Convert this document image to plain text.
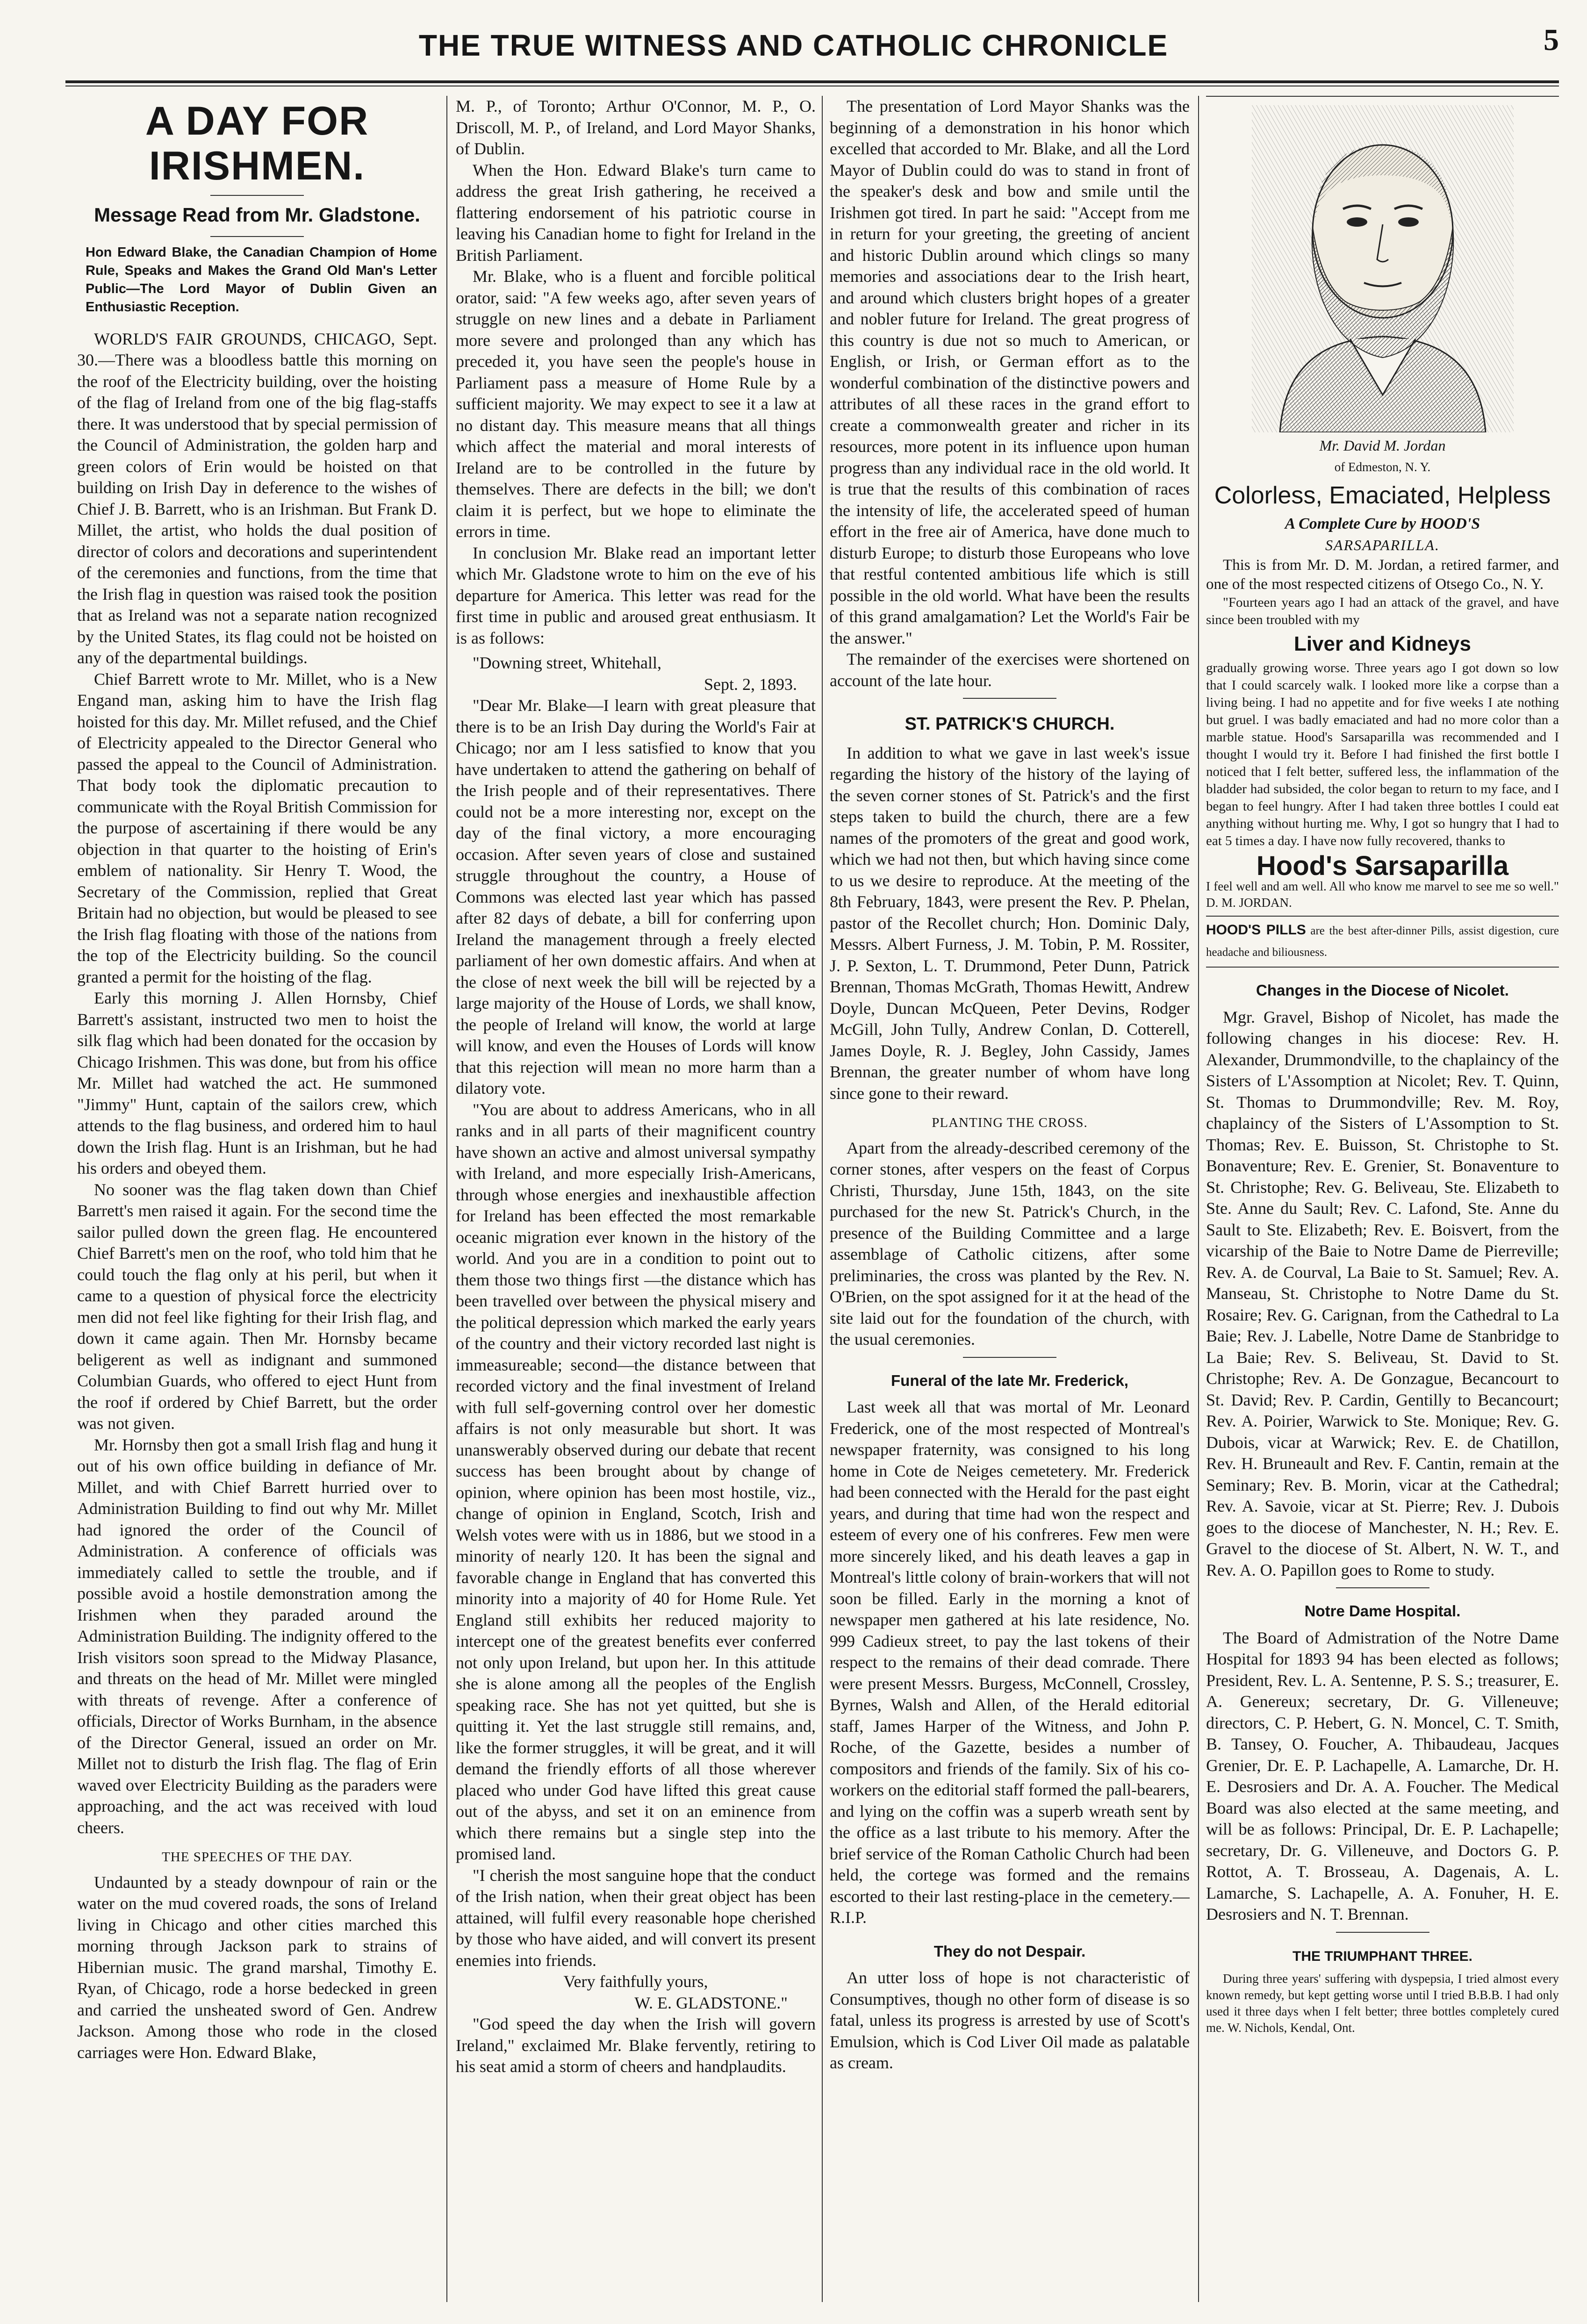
THE TRUE WITNESS AND CATHOLIC CHRONICLE	5
A DAY FOR IRISHMEN.
Message Read from Mr. Gladstone.
Hon Edward Blake, the Canadian Champion of Home Rule, Speaks and Makes the Grand Old Man's Letter Public—The Lord Mayor of Dublin Given an Enthusiastic Reception.

WORLD'S FAIR GROUNDS, CHICAGO, Sept. 30.—There was a bloodless battle this morning on the roof of the Electricity building, over the hoisting of the flag of Ireland from one of the big flag-staffs there. It was understood that by special permission of the Council of Administration, the golden harp and green colors of Erin would be hoisted on that building on Irish Day in deference to the wishes of Chief J. B. Barrett, who is an Irishman. But Frank D. Millet, the artist, who holds the dual position of director of colors and decorations and superintendent of the ceremonies and functions, from the time that the Irish flag in question was raised took the position that as Ireland was not a separate nation recognized by the United States, its flag could not be hoisted on any of the departmental buildings.

Chief Barrett wrote to Mr. Millet, who is a New Engand man, asking him to have the Irish flag hoisted for this day. Mr. Millet refused, and the Chief of Electricity appealed to the Director General who passed the appeal to the Council of Administration. That body took the diplomatic precaution to communicate with the Royal British Commission for the purpose of ascertaining if there would be any objection in that quarter to the hoisting of Erin's emblem of nationality. Sir Henry T. Wood, the Secretary of the Commission, replied that Great Britain had no objection, but would be pleased to see the Irish flag floating with those of the nations from the top of the Electricity building. So the council granted a permit for the hoisting of the flag.

Early this morning J. Allen Hornsby, Chief Barrett's assistant, instructed two men to hoist the silk flag which had been donated for the occasion by Chicago Irishmen. This was done, but from his office Mr. Millet had watched the act. He summoned "Jimmy" Hunt, captain of the sailors crew, which attends to the flag business, and ordered him to haul down the Irish flag. Hunt is an Irishman, but he had his orders and obeyed them.

No sooner was the flag taken down than Chief Barrett's men raised it again. For the second time the sailor pulled down the green flag. He encountered Chief Barrett's men on the roof, who told him that he could touch the flag only at his peril, but when it came to a question of physical force the electricity men did not feel like fighting for their Irish flag, and down it came again. Then Mr. Hornsby became beligerent as well as indignant and summoned Columbian Guards, who offered to eject Hunt from the roof if ordered by Chief Barrett, but the order was not given.

Mr. Hornsby then got a small Irish flag and hung it out of his own office building in defiance of Mr. Millet, and with Chief Barrett hurried over to Administration Building to find out why Mr. Millet had ignored the order of the Council of Administration. A conference of officials was immediately called to settle the trouble, and if possible avoid a hostile demonstration among the Irishmen when they paraded around the Administration Building. The indignity offered to the Irish visitors soon spread to the Midway Plasance, and threats on the head of Mr. Millet were mingled with threats of revenge. After a conference of officials, Director of Works Burnham, in the absence of the Director General, issued an order on Mr. Millet not to disturb the Irish flag. The flag of Erin waved over Electricity Building as the paraders were approaching, and the act was received with loud cheers.

THE SPEECHES OF THE DAY.

Undaunted by a steady downpour of rain or the water on the mud covered roads, the sons of Ireland living in Chicago and other cities marched this morning through Jackson park to strains of Hibernian music. The grand marshal, Timothy E. Ryan, of Chicago, rode a horse bedecked in green and carried the unsheated sword of Gen. Andrew Jackson. Among those who rode in the closed carriages were Hon. Edward Blake,

M. P., of Toronto; Arthur O'Connor, M. P., O. Driscoll, M. P., of Ireland, and Lord Mayor Shanks, of Dublin.

When the Hon. Edward Blake's turn came to address the great Irish gathering, he received a flattering endorsement of his patriotic course in leaving his Canadian home to fight for Ireland in the British Parliament.

Mr. Blake, who is a fluent and forcible political orator, said: "A few weeks ago, after seven years of struggle on new lines and a debate in Parliament more severe and prolonged than any which has preceded it, you have seen the people's house in Parliament pass a measure of Home Rule by a sufficient majority. We may expect to see it a law at no distant day. This measure means that all things which affect the material and moral interests of Ireland are to be controlled in the future by themselves. There are defects in the bill; we don't claim it is perfect, but we hope to eliminate the errors in time.

In conclusion Mr. Blake read an important letter which Mr. Gladstone wrote to him on the eve of his departure for America. This letter was read for the first time in public and aroused great enthusiasm. It is as follows:

"Downing street, Whitehall,

Sept. 2, 1893.

"Dear Mr. Blake—I learn with great pleasure that there is to be an Irish Day during the World's Fair at Chicago; nor am I less satisfied to know that you have undertaken to attend the gathering on behalf of the Irish people and of their representatives. There could not be a more interesting nor, except on the day of the final victory, a more encouraging occasion. After seven years of close and sustained struggle throughout the country, a House of Commons was elected last year which has passed after 82 days of debate, a bill for conferring upon Ireland the management through a freely elected parliament of her own domestic affairs. And when at the close of next week the bill will be rejected by a large majority of the House of Lords, we shall know, the people of Ireland will know, the world at large will know, and even the Houses of Lords will know that this rejection will mean no more harm than a dilatory vote.

"You are about to address Americans, who in all ranks and in all parts of their magnificent country have shown an active and almost universal sympathy with Ireland, and more especially Irish-Americans, through whose energies and inexhaustible affection for Ireland has been effected the most remarkable oceanic migration ever known in the history of the world. And you are in a condition to point out to them those two things first —the distance which has been travelled over between the physical misery and the political depression which marked the early years of the country and their victory recorded last night is immeasureable; second—the distance between that recorded victory and the final investment of Ireland with full self-governing control over her domestic affairs is not only measurable but short. It was unanswerably observed during our debate that recent success has been brought about by change of opinion, where opinion has been most hostile, viz., change of opinion in England, Scotch, Irish and Welsh votes were with us in 1886, but we stood in a minority of nearly 120. It has been the signal and favorable change in England that has converted this minority into a majority of 40 for Home Rule. Yet England still exhibits her reduced majority to intercept one of the greatest benefits ever conferred not only upon Ireland, but upon her. In this attitude she is alone among all the peoples of the English speaking race. She has not yet quitted, but she is quitting it. Yet the last struggle still remains, and, like the former struggles, it will be great, and it will demand the friendly efforts of all those wherever placed who under God have lifted this great cause out of the abyss, and set it on an eminence from which there remains but a single step into the promised land.

"I cherish the most sanguine hope that the conduct of the Irish nation, when their great object has been attained, will fulfil every reasonable hope cherished by those who have aided, and will convert its present enemies into friends.

Very faithfully yours,

W. E. GLADSTONE."

"God speed the day when the Irish will govern Ireland," exclaimed Mr. Blake fervently, retiring to his seat amid a storm of cheers and handplaudits.

The presentation of Lord Mayor Shanks was the beginning of a demonstration in his honor which excelled that accorded to Mr. Blake, and all the Lord Mayor of Dublin could do was to stand in front of the speaker's desk and bow and smile until the Irishmen got tired. In part he said: "Accept from me in return for your greeting, the greeting of ancient and historic Dublin around which clings so many memories and associations dear to the Irish heart, and around which clusters bright hopes of a greater and nobler future for Ireland. The great progress of this country is due not so much to American, or English, or Irish, or German effort as to the wonderful combination of the distinctive powers and attributes of all these races in the grand effort to create a commonwealth greater and richer in its resources, more potent in its influence upon human progress than any individual race in the old world. It is true that the results of this combination of races the intensity of life, the accelerated speed of human effort in the free air of America, have done much to disturb Europe; to disturb those Europeans who love that restful contented ambitious life which is still possible in the old world. What have been the results of this grand amalgamation? Let the World's Fair be the answer."

The remainder of the exercises were shortened on account of the late hour.

ST. PATRICK'S CHURCH.

In addition to what we gave in last week's issue regarding the history of the history of the laying of the seven corner stones of St. Patrick's and the first steps taken to build the church, there are a few names of the promoters of the great and good work, which we had not then, but which having since come to us we desire to reproduce. At the meeting of the 8th February, 1843, were present the Rev. P. Phelan, pastor of the Recollet church; Hon. Dominic Daly, Messrs. Albert Furness, J. M. Tobin, P. M. Rossiter, J. P. Sexton, L. T. Drummond, Peter Dunn, Patrick Brennan, Thomas McGrath, Thomas Hewitt, Andrew Doyle, Duncan McQueen, Peter Devins, Rodger McGill, John Tully, Andrew Conlan, D. Cotterell, James Doyle, R. J. Begley, John Cassidy, James Brennan, the greater number of whom have long since gone to their reward.

PLANTING THE CROSS.

Apart from the already-described ceremony of the corner stones, after vespers on the feast of Corpus Christi, Thursday, June 15th, 1843, on the site purchased for the new St. Patrick's Church, in the presence of the Building Committee and a large assemblage of Catholic citizens, after some preliminaries, the cross was planted by the Rev. N. O'Brien, on the spot assigned for it at the head of the site laid out for the foundation of the church, with the usual ceremonies.

Funeral of the late Mr. Frederick,

Last week all that was mortal of Mr. Leonard Frederick, one of the most respected of Montreal's newspaper fraternity, was consigned to his long home in Cote de Neiges cemetetery. Mr. Frederick had been connected with the Herald for the past eight years, and during that time had won the respect and esteem of every one of his confreres. Few men were more sincerely liked, and his death leaves a gap in Montreal's little colony of brain-workers that will not soon be filled. Early in the morning a knot of newspaper men gathered at his late residence, No. 999 Cadieux street, to pay the last tokens of their respect to the remains of their dead comrade. There were present Messrs. Burgess, McConnell, Crossley, Byrnes, Walsh and Allen, of the Herald editorial staff, James Harper of the Witness, and John P. Roche, of the Gazette, besides a number of compositors and friends of the family. Six of his co-workers on the editorial staff formed the pall-bearers, and lying on the coffin was a superb wreath sent by the office as a last tribute to his memory. After the brief service of the Roman Catholic Church had been held, the cortege was formed and the remains escorted to their last resting-place in the cemetery.—R.I.P.

They do not Despair.

An utter loss of hope is not characteristic of Consumptives, though no other form of disease is so fatal, unless its progress is arrested by use of Scott's Emulsion, which is Cod Liver Oil made as palatable as cream.

Mr. David M. Jordan

of Edmeston, N. Y.

Colorless, Emaciated, Helpless

A Complete Cure by HOOD'S

SARSAPARILLA.

This is from Mr. D. M. Jordan, a retired farmer, and one of the most respected citizens of Otsego Co., N. Y.

"Fourteen years ago I had an attack of the gravel, and have since been troubled with my

Liver and Kidneys

gradually growing worse. Three years ago I got down so low that I could scarcely walk. I looked more like a corpse than a living being. I had no appetite and for five weeks I ate nothing but gruel. I was badly emaciated and had no more color than a marble statue. Hood's Sarsaparilla was recommended and I thought I would try it. Before I had finished the first bottle I noticed that I felt better, suffered less, the inflammation of the bladder had subsided, the color began to return to my face, and I began to feel hungry. After I had taken three bottles I could eat anything without hurting me. Why, I got so hungry that I had to eat 5 times a day. I have now fully recovered, thanks to

Hood's Sarsaparilla

I feel well and am well. All who know me marvel to see me so well." D. M. JORDAN.

HOOD'S PILLS are the best after-dinner Pills, assist digestion, cure headache and biliousness.

Changes in the Diocese of Nicolet.

Mgr. Gravel, Bishop of Nicolet, has made the following changes in his diocese: Rev. H. Alexander, Drummondville, to the chaplaincy of the Sisters of L'Assomption at Nicolet; Rev. T. Quinn, St. Thomas to Drummondville; Rev. M. Roy, chaplaincy of the Sisters of L'Assomption to St. Thomas; Rev. E. Buisson, St. Christophe to St. Bonaventure; Rev. E. Grenier, St. Bonaventure to St. Christophe; Rev. G. Beliveau, Ste. Elizabeth to Ste. Anne du Sault; Rev. C. Lafond, Ste. Anne du Sault to Ste. Elizabeth; Rev. E. Boisvert, from the vicarship of the Baie to Notre Dame de Pierreville; Rev. A. de Courval, La Baie to St. Samuel; Rev. A. Manseau, St. Christophe to Notre Dame du St. Rosaire; Rev. G. Carignan, from the Cathedral to La Baie; Rev. J. Labelle, Notre Dame de Stanbridge to La Baie; Rev. S. Beliveau, St. David to St. Christophe; Rev. A. De Gonzague, Becancourt to St. David; Rev. P. Cardin, Gentilly to Becancourt; Rev. A. Poirier, Warwick to Ste. Monique; Rev. G. Dubois, vicar at Warwick; Rev. E. de Chatillon, Rev. H. Bruneault and Rev. F. Cantin, remain at the Seminary; Rev. B. Morin, vicar at the Cathedral; Rev. A. Savoie, vicar at St. Pierre; Rev. J. Dubois goes to the diocese of Manchester, N. H.; Rev. E. Gravel to the diocese of St. Albert, N. W. T., and Rev. A. O. Papillon goes to Rome to study.

Notre Dame Hospital.

The Board of Admistration of the Notre Dame Hospital for 1893 94 has been elected as follows; President, Rev. L. A. Sentenne, P. S. S.; treasurer, E. A. Genereux; secretary, Dr. G. Villeneuve; directors, C. P. Hebert, G. N. Moncel, C. T. Smith, B. Tansey, O. Foucher, A. Thibaudeau, Jacques Grenier, Dr. E. P. Lachapelle, A. Lamarche, Dr. H. E. Desrosiers and Dr. A. A. Foucher. The Medical Board was also elected at the same meeting, and will be as follows: Principal, Dr. E. P. Lachapelle; secretary, Dr. G. Villeneuve, and Doctors G. P. Rottot, A. T. Brosseau, A. Dagenais, A. L. Lamarche, S. Lachapelle, A. A. Fonuher, H. E. Desrosiers and N. T. Brennan.

THE TRIUMPHANT THREE.

During three years' suffering with dyspepsia, I tried almost every known remedy, but kept getting worse until I tried B.B.B. I had only used it three days when I felt better; three bottles completely cured me. W. Nichols, Kendal, Ont.
